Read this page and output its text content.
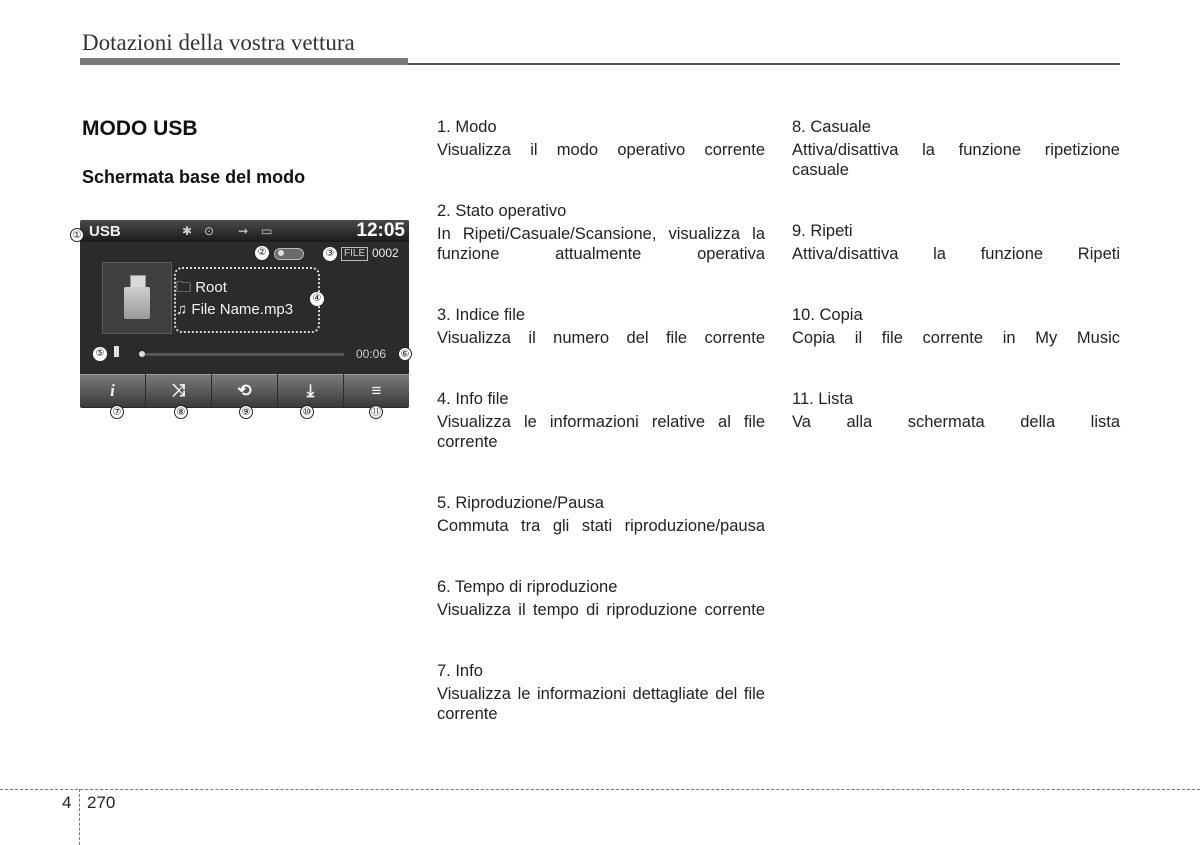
Dotazioni della vostra vettura
MODO USB
Schermata base del modo
USB	✱ ⊙ ⇝ ▭	12:05
FILE 0002
🗀 Root
♫ File Name.mp3
II	00:06
i	⤨	⟲	⤓	≡
①
②	③
④
⑤	⑥
⑦	⑧	⑨	⑩	⑪
1. Modo
Visualizza il modo operativo corrente
2. Stato operativo
In Ripeti/Casuale/Scansione, visualizza la funzione attualmente operativa
3. Indice file
Visualizza il numero del file corrente
4. Info file
Visualizza le informazioni relative al file corrente
5. Riproduzione/Pausa
Commuta tra gli stati riproduzione/pausa
6. Tempo di riproduzione
Visualizza il tempo di riproduzione corrente
7. Info
Visualizza le informazioni dettagliate del file corrente
8. Casuale
Attiva/disattiva la funzione ripetizione casuale
9. Ripeti
Attiva/disattiva la funzione Ripeti
10. Copia
Copia il file corrente in My Music
11. Lista
Va alla schermata della lista
4 270
